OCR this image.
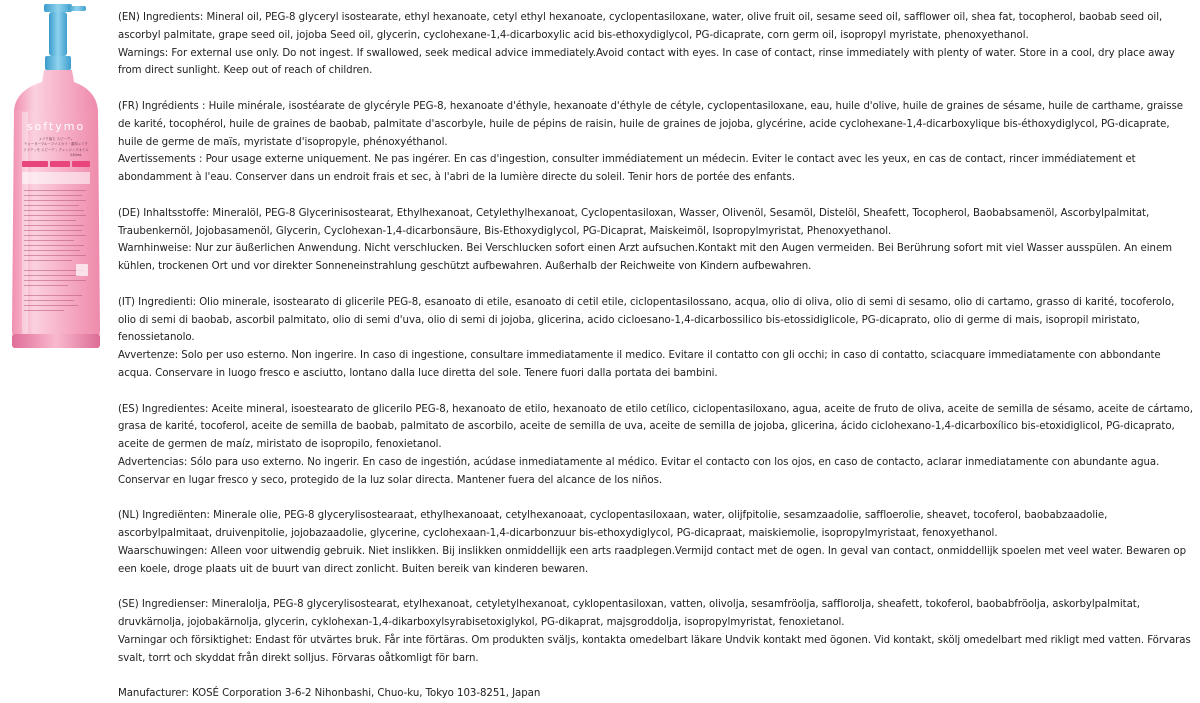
softymo
メイク落ち スピーディ
ウォータープルーフマスカラ・濃厚メイク
ソフティモ スピーディ クレンジングオイル
240mL

(EN) Ingredients: Mineral oil, PEG-8 glyceryl isostearate, ethyl hexanoate, cetyl ethyl hexanoate, cyclopentasiloxane, water, olive fruit oil, sesame seed oil, safflower oil, shea fat, tocopherol, baobab seed oil, ascorbyl palmitate, grape seed oil, jojoba Seed oil, glycerin, cyclohexane-1,4-dicarboxylic acid bis-ethoxydiglycol, PG-dicaprate, corn germ oil, isopropyl myristate, phenoxyethanol.

Warnings: For external use only. Do not ingest. If swallowed, seek medical advice immediately.Avoid contact with eyes. In case of contact, rinse immediately with plenty of water. Store in a cool, dry place away from direct sunlight. Keep out of reach of children.

(FR) Ingrédients : Huile minérale, isostéarate de glycéryle PEG-8, hexanoate d'éthyle, hexanoate d'éthyle de cétyle, cyclopentasiloxane, eau, huile d'olive, huile de graines de sésame, huile de carthame, graisse de karité, tocophérol, huile de graines de baobab, palmitate d'ascorbyle, huile de pépins de raisin, huile de graines de jojoba, glycérine, acide cyclohexane-1,4-dicarboxylique bis-éthoxydiglycol, PG-dicaprate, huile de germe de maïs, myristate d'isopropyle, phénoxyéthanol.

Avertissements : Pour usage externe uniquement. Ne pas ingérer. En cas d'ingestion, consulter immédiatement un médecin. Eviter le contact avec les yeux, en cas de contact, rincer immédiatement et abondamment à l'eau. Conserver dans un endroit frais et sec, à l'abri de la lumière directe du soleil. Tenir hors de portée des enfants.

(DE) Inhaltsstoffe: Mineralöl, PEG-8 Glycerinisostearat, Ethylhexanoat, Cetylethylhexanoat, Cyclopentasiloxan, Wasser, Olivenöl, Sesamöl, Distelöl, Sheafett, Tocopherol, Baobabsamenöl, Ascorbylpalmitat, Traubenkernöl, Jojobasamenöl, Glycerin, Cyclohexan-1,4-dicarbonsäure, Bis-Ethoxydiglycol, PG-Dicaprat, Maiskeimöl, Isopropylmyristat, Phenoxyethanol.

Warnhinweise: Nur zur äußerlichen Anwendung. Nicht verschlucken. Bei Verschlucken sofort einen Arzt aufsuchen.Kontakt mit den Augen vermeiden. Bei Berührung sofort mit viel Wasser ausspülen. An einem kühlen, trockenen Ort und vor direkter Sonneneinstrahlung geschützt aufbewahren. Außerhalb der Reichweite von Kindern aufbewahren.

(IT) Ingredienti: Olio minerale, isostearato di glicerile PEG-8, esanoato di etile, esanoato di cetil etile, ciclopentasilossano, acqua, olio di oliva, olio di semi di sesamo, olio di cartamo, grasso di karité, tocoferolo, olio di semi di baobab, ascorbil palmitato, olio di semi d'uva, olio di semi di jojoba, glicerina, acido cicloesano-1,4-dicarbossilico bis-etossidiglicole, PG-dicaprato, olio di germe di mais, isopropil miristato, fenossietanolo.

Avvertenze: Solo per uso esterno. Non ingerire. In caso di ingestione, consultare immediatamente il medico. Evitare il contatto con gli occhi; in caso di contatto, sciacquare immediatamente con abbondante acqua. Conservare in luogo fresco e asciutto, lontano dalla luce diretta del sole. Tenere fuori dalla portata dei bambini.

(ES) Ingredientes: Aceite mineral, isoestearato de glicerilo PEG-8, hexanoato de etilo, hexanoato de etilo cetílico, ciclopentasiloxano, agua, aceite de fruto de oliva, aceite de semilla de sésamo, aceite de cártamo, grasa de karité, tocoferol, aceite de semilla de baobab, palmitato de ascorbilo, aceite de semilla de uva, aceite de semilla de jojoba, glicerina, ácido ciclohexano-1,4-dicarboxílico bis-etoxidiglicol, PG-dicaprato, aceite de germen de maíz, miristato de isopropilo, fenoxietanol.

Advertencias: Sólo para uso externo. No ingerir. En caso de ingestión, acúdase inmediatamente al médico. Evitar el contacto con los ojos, en caso de contacto, aclarar inmediatamente con abundante agua. Conservar en lugar fresco y seco, protegido de la luz solar directa. Mantener fuera del alcance de los niños.

(NL) Ingrediënten: Minerale olie, PEG-8 glycerylisostearaat, ethylhexanoaat, cetylhexanoaat, cyclopentasiloxaan, water, olijfpitolie, sesamzaadolie, saffloerolie, sheavet, tocoferol, baobabzaadolie, ascorbylpalmitaat, druivenpitolie, jojobazaadolie, glycerine, cyclohexaan-1,4-dicarbonzuur bis-ethoxydiglycol, PG-dicapraat, maiskiemolie, isopropylmyristaat, fenoxyethanol.

Waarschuwingen: Alleen voor uitwendig gebruik. Niet inslikken. Bij inslikken onmiddellijk een arts raadplegen.Vermijd contact met de ogen. In geval van contact, onmiddellijk spoelen met veel water. Bewaren op een koele, droge plaats uit de buurt van direct zonlicht. Buiten bereik van kinderen bewaren.

(SE) Ingredienser: Mineralolja, PEG-8 glycerylisostearat, etylhexanoat, cetyletylhexanoat, cyklopentasiloxan, vatten, olivolja, sesamfröolja, safflorolja, sheafett, tokoferol, baobabfröolja, askorbylpalmitat, druvkärnolja, jojobakärnolja, glycerin, cyklohexan-1,4-dikarboxylsyrabisetoxiglykol, PG-dikaprat, majsgroddolja, isopropylmyristat, fenoxietanol.

Varningar och försiktighet: Endast för utvärtes bruk. Får inte förtäras. Om produkten sväljs, kontakta omedelbart läkare Undvik kontakt med ögonen. Vid kontakt, skölj omedelbart med rikligt med vatten. Förvaras svalt, torrt och skyddat från direkt solljus. Förvaras oåtkomligt för barn.

Manufacturer: KOSÉ Corporation 3-6-2 Nihonbashi, Chuo-ku, Tokyo 103-8251, Japan
